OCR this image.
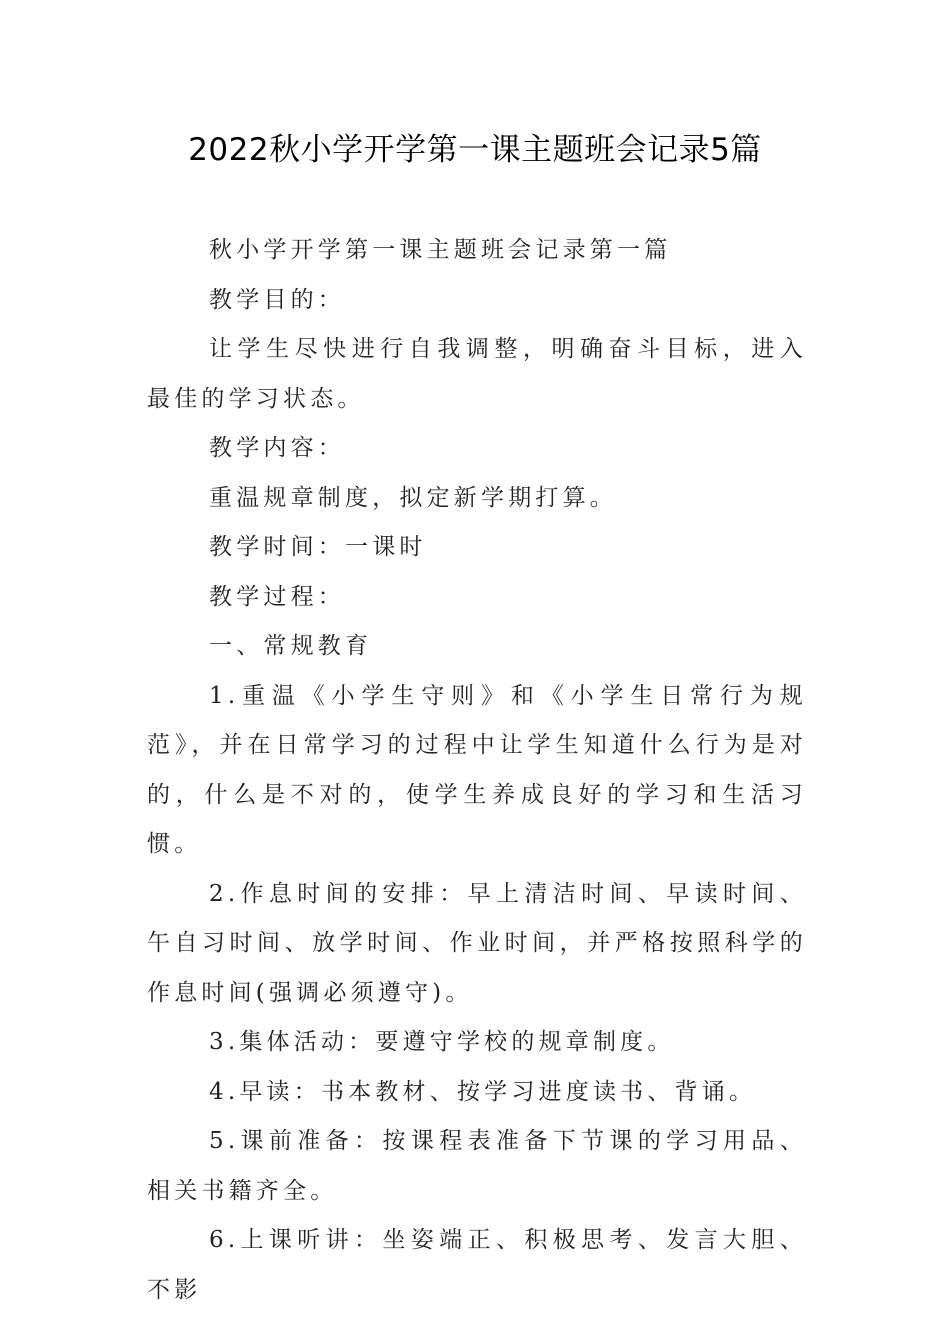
2022秋小学开学第一课主题班会记录5篇

秋小学开学第一课主题班会记录第一篇

教学目的：

让学生尽快进行自我调整，明确奋斗目标，进入最佳的学习状态。

教学内容：

重温规章制度，拟定新学期打算。

教学时间：一课时

教学过程：

一、常规教育

1.重温《小学生守则》和《小学生日常行为规范》，并在日常学习的过程中让学生知道什么行为是对的，什么是不对的，使学生养成良好的学习和生活习惯。

2.作息时间的安排：早上清洁时间、早读时间、午自习时间、放学时间、作业时间，并严格按照科学的作息时间(强调必须遵守)。

3.集体活动：要遵守学校的规章制度。

4.早读：书本教材、按学习进度读书、背诵。

5.课前准备：按课程表准备下节课的学习用品、相关书籍齐全。

6.上课听讲：坐姿端正、积极思考、发言大胆、不影
